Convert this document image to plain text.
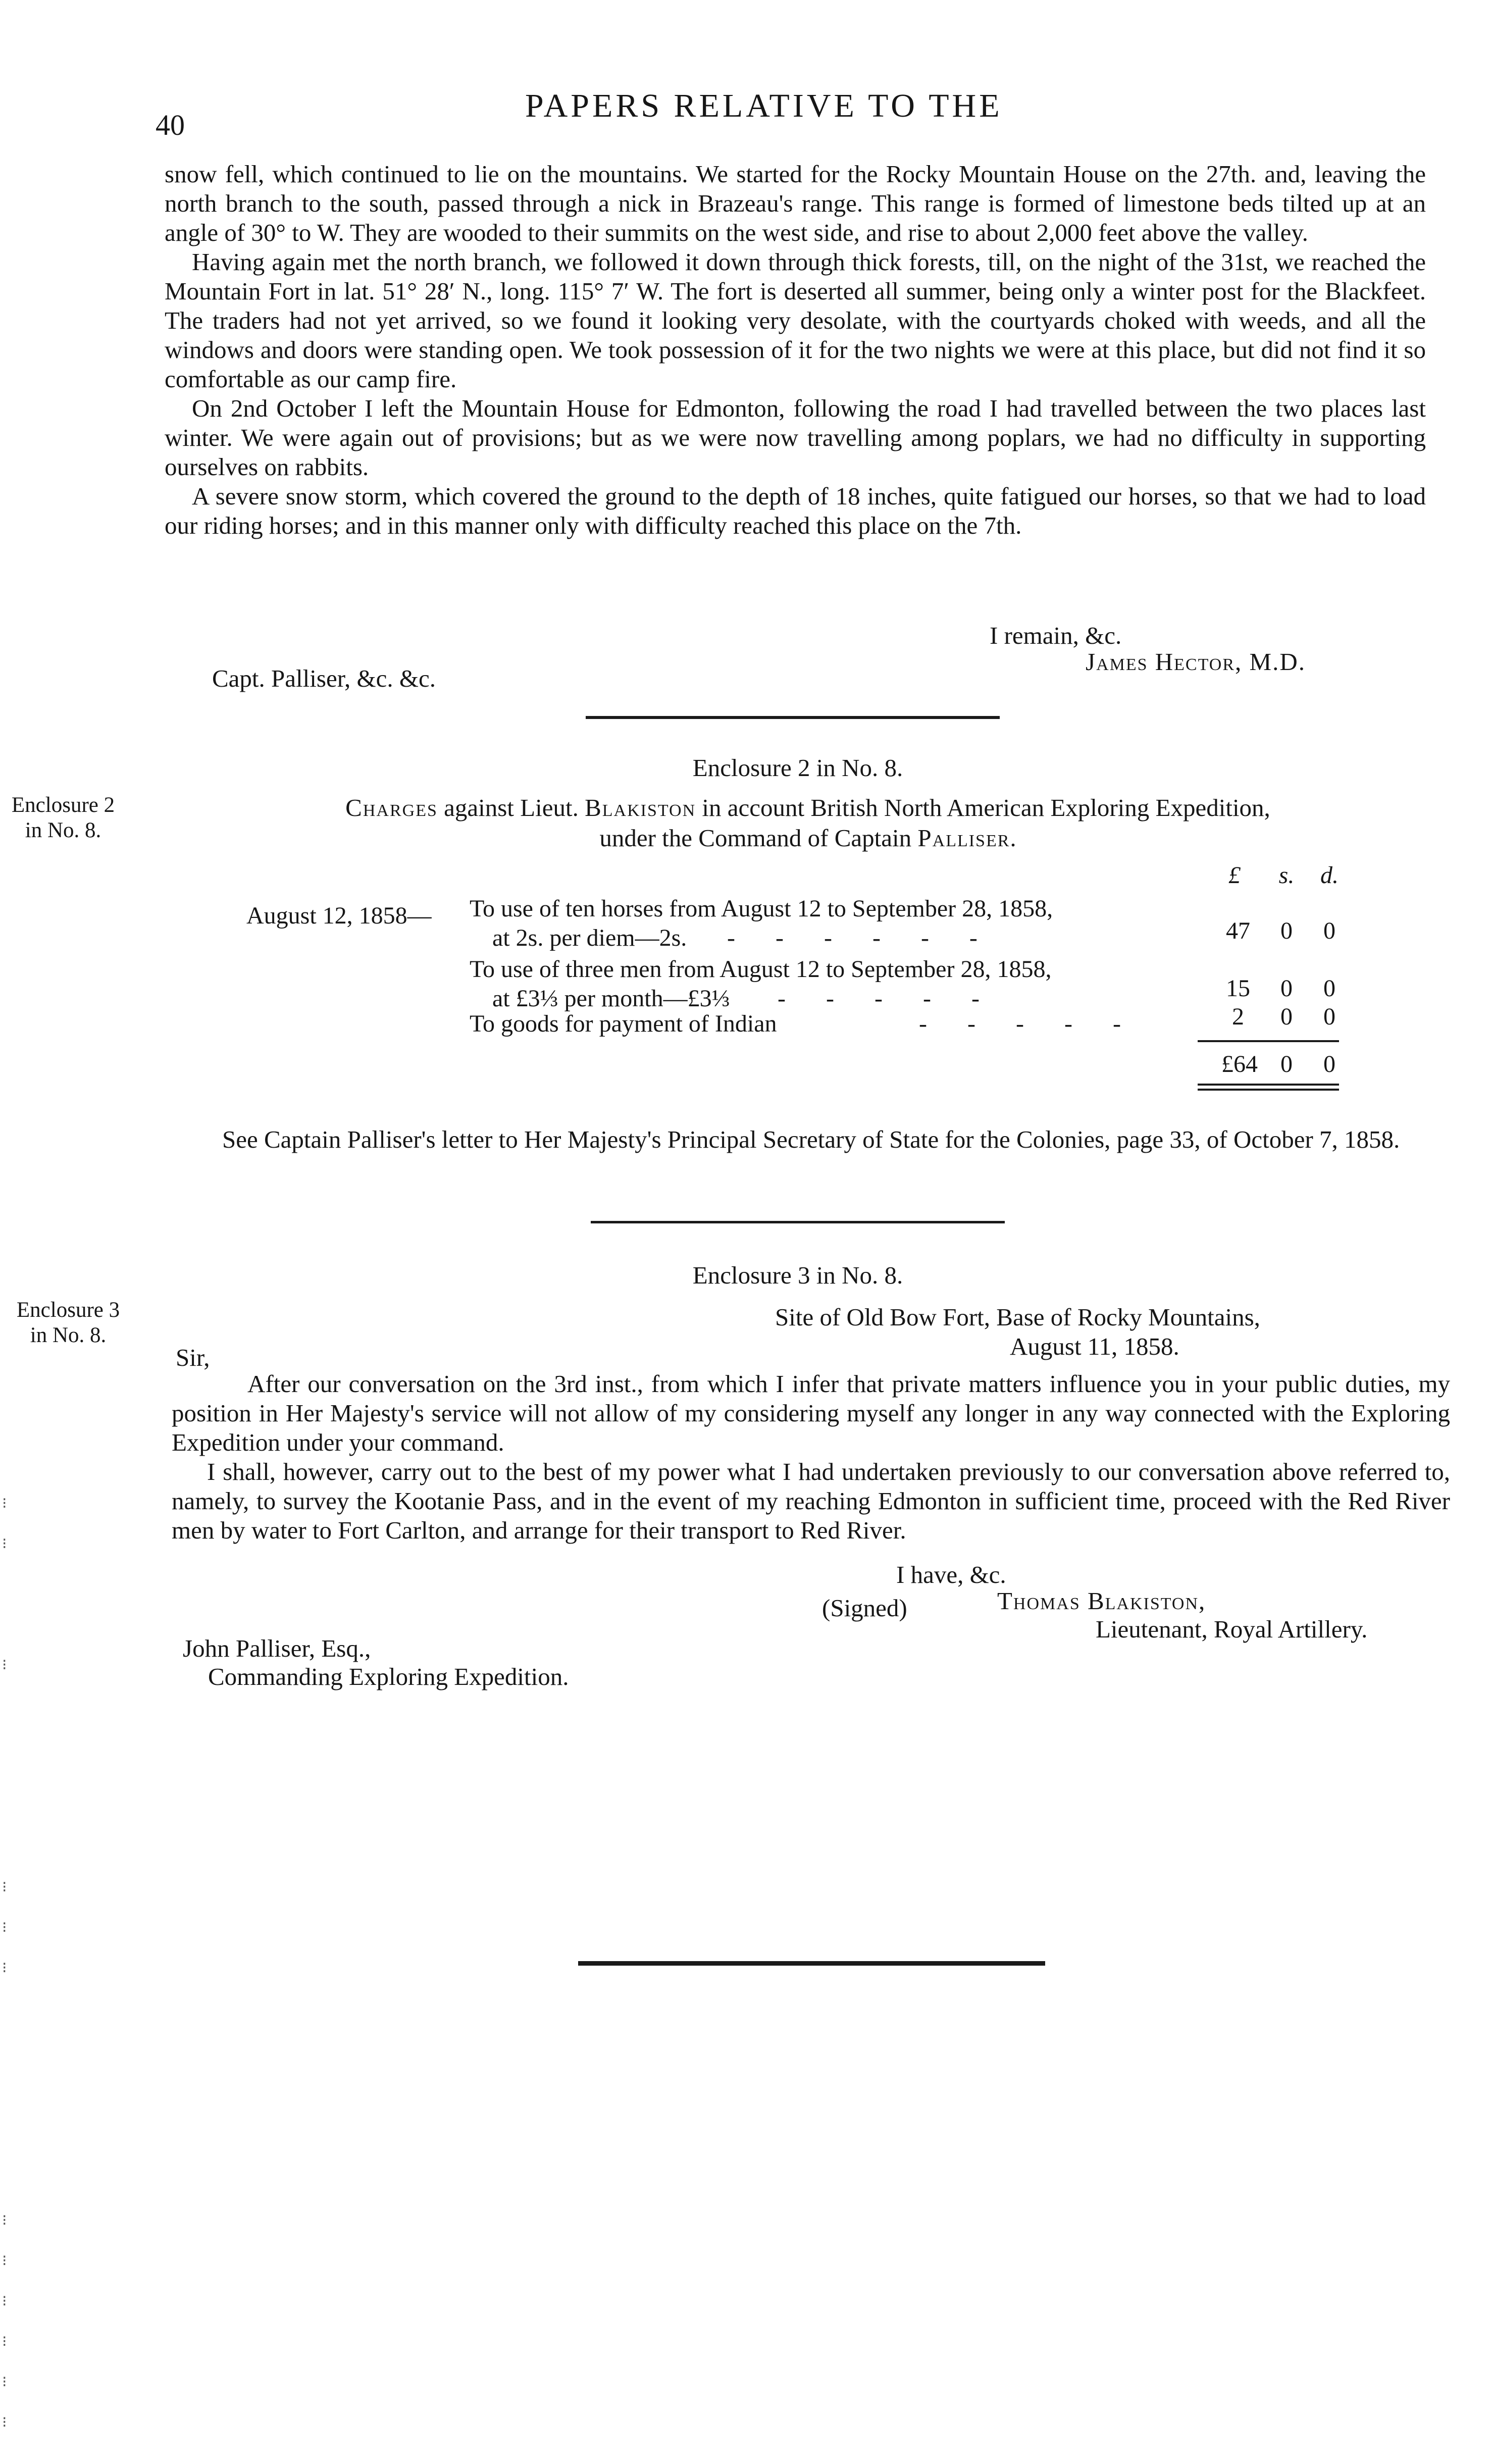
40
PAPERS RELATIVE TO THE

snow fell, which continued to lie on the mountains. We started for the Rocky Mountain House on the 27th. and, leaving the north branch to the south, passed through a nick in Brazeau's range. This range is formed of limestone beds tilted up at an angle of 30° to W. They are wooded to their summits on the west side, and rise to about 2,000 feet above the valley.

Having again met the north branch, we followed it down through thick forests, till, on the night of the 31st, we reached the Mountain Fort in lat. 51° 28′ N., long. 115° 7′ W. The fort is deserted all summer, being only a winter post for the Blackfeet. The traders had not yet arrived, so we found it looking very desolate, with the courtyards choked with weeds, and all the windows and doors were standing open. We took possession of it for the two nights we were at this place, but did not find it so comfortable as our camp fire.

On 2nd October I left the Mountain House for Edmonton, following the road I had travelled between the two places last winter. We were again out of provisions; but as we were now travelling among poplars, we had no difficulty in supporting ourselves on rabbits.

A severe snow storm, which covered the ground to the depth of 18 inches, quite fatigued our horses, so that we had to load our riding horses; and in this manner only with difficulty reached this place on the 7th.

I remain, &c.
James Hector, M.D.
Capt. Palliser, &c. &c.
Enclosure 2
in No. 8.
Enclosure 2 in No. 8.
Charges against Lieut. Blakiston in account British North American Exploring Expedition,
under the Command of Captain Palliser.
£	s.	d.
August 12, 1858— To use of ten horses from August 12 to September 28, 1858,
at 2s. per diem—2s. ------	47	0	0
To use of three men from August 12 to September 28, 1858,
at £3⅓ per month—£3⅓ -----	15	0	0
To goods for payment of Indian	-----	2	0	0
£64 0	0
See Captain Palliser's letter to Her Majesty's Principal Secretary of State for the Colonies, page 33, of October 7, 1858.
Enclosure 3
in No. 8.
Enclosure 3 in No. 8.
Site of Old Bow Fort, Base of Rocky Mountains,
August 11, 1858.
Sir,

After our conversation on the 3rd inst., from which I infer that private matters influence you in your public duties, my position in Her Majesty's service will not allow of my considering myself any longer in any way connected with the Exploring Expedition under your command.

I shall, however, carry out to the best of my power what I had undertaken previously to our conversation above referred to, namely, to survey the Kootanie Pass, and in the event of my reaching Edmonton in sufficient time, proceed with the Red River men by water to Fort Carlton, and arrange for their transport to Red River.

I have, &c.
(Signed)	Thomas Blakiston,
Lieutenant, Royal Artillery.
John Palliser, Esq.,
Commanding Exploring Expedition.
⁝
⁝
⁝
⁝
⁝
⁝
⁝
⁝
⁝
⁝
⁝
⁝
